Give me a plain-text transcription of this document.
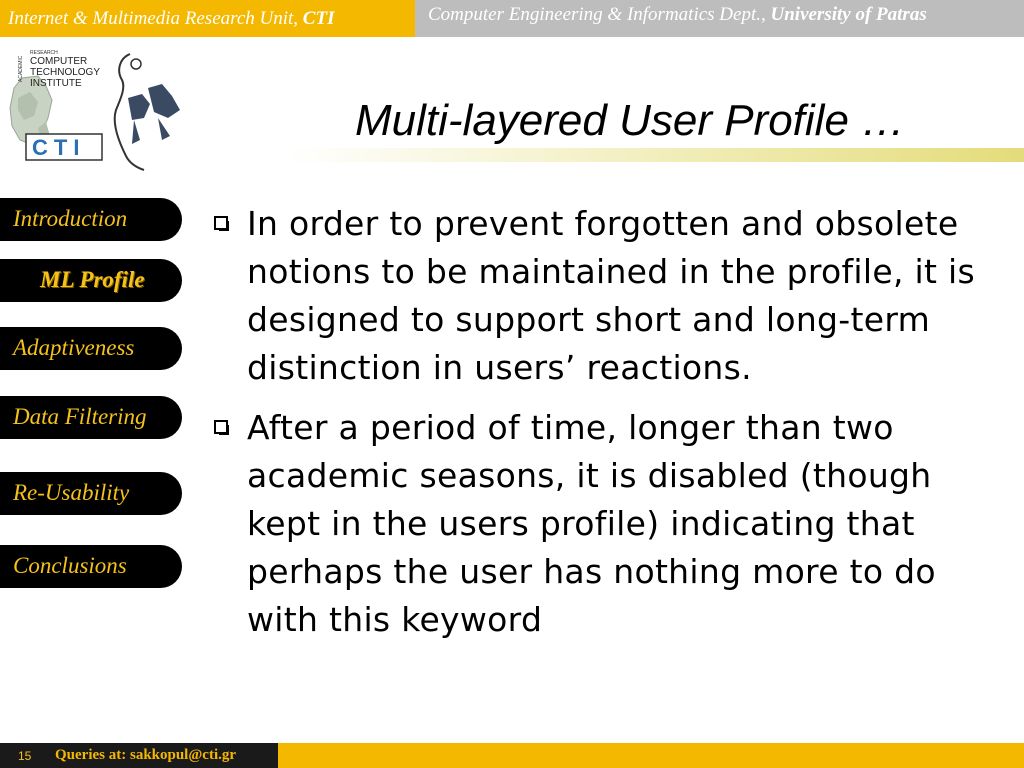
Internet & Multimedia Research Unit, CTI	Computer Engineering & Informatics Dept., University of Patras
RESEARCH
ACADEMIC COMPUTER
TECHNOLOGY
INSTITUTE
CTI
Multi-layered User Profile …
Introduction
ML Profile
Adaptiveness
Data Filtering
Re-Usability
Conclusions
In order to prevent forgotten and obsolete notions to be maintained in the profile, it is designed to support short and long-term distinction in users’ reactions.
After a period of time, longer than two academic seasons, it is disabled (though kept in the users profile) indicating that perhaps the user has nothing more to do with this keyword
15 Queries at: sakkopul@cti.gr
